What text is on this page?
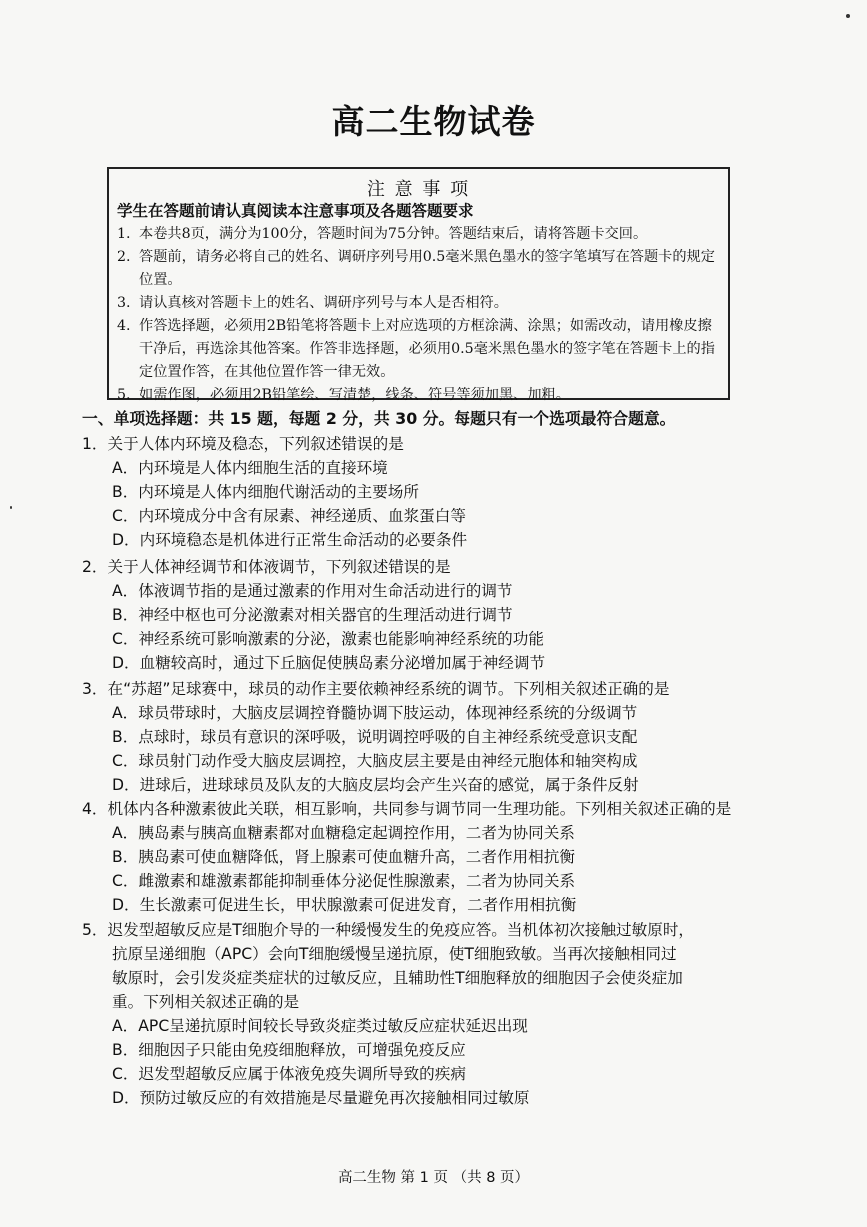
高二生物试卷
注 意 事 项
学生在答题前请认真阅读本注意事项及各题答题要求
1. 本卷共8页，满分为100分，答题时间为75分钟。答题结束后，请将答题卡交回。
2. 答题前，请务必将自己的姓名、调研序列号用0.5毫米黑色墨水的签字笔填写在答题卡的规定位置。
3. 请认真核对答题卡上的姓名、调研序列号与本人是否相符。
4. 作答选择题，必须用2B铅笔将答题卡上对应选项的方框涂满、涂黑；如需改动，请用橡皮擦干净后，再选涂其他答案。作答非选择题，必须用0.5毫米黑色墨水的签字笔在答题卡上的指定位置作答，在其他位置作答一律无效。
5. 如需作图，必须用2B铅笔绘、写清楚，线条、符号等须加黑、加粗。
一、单项选择题：共 15 题，每题 2 分，共 30 分。每题只有一个选项最符合题意。
1．关于人体内环境及稳态，下列叙述错误的是
A．内环境是人体内细胞生活的直接环境
B．内环境是人体内细胞代谢活动的主要场所
C．内环境成分中含有尿素、神经递质、血浆蛋白等
D．内环境稳态是机体进行正常生命活动的必要条件
2．关于人体神经调节和体液调节，下列叙述错误的是
A．体液调节指的是通过激素的作用对生命活动进行的调节
B．神经中枢也可分泌激素对相关器官的生理活动进行调节
C．神经系统可影响激素的分泌，激素也能影响神经系统的功能
D．血糖较高时，通过下丘脑促使胰岛素分泌增加属于神经调节
3．在“苏超”足球赛中，球员的动作主要依赖神经系统的调节。下列相关叙述正确的是
A．球员带球时，大脑皮层调控脊髓协调下肢运动，体现神经系统的分级调节
B．点球时，球员有意识的深呼吸，说明调控呼吸的自主神经系统受意识支配
C．球员射门动作受大脑皮层调控，大脑皮层主要是由神经元胞体和轴突构成
D．进球后，进球球员及队友的大脑皮层均会产生兴奋的感觉，属于条件反射
4．机体内各种激素彼此关联，相互影响，共同参与调节同一生理功能。下列相关叙述正确的是
A．胰岛素与胰高血糖素都对血糖稳定起调控作用，二者为协同关系
B．胰岛素可使血糖降低，肾上腺素可使血糖升高，二者作用相抗衡
C．雌激素和雄激素都能抑制垂体分泌促性腺激素，二者为协同关系
D．生长激素可促进生长，甲状腺激素可促进发育，二者作用相抗衡
5．迟发型超敏反应是T细胞介导的一种缓慢发生的免疫应答。当机体初次接触过敏原时，
抗原呈递细胞（APC）会向T细胞缓慢呈递抗原，使T细胞致敏。当再次接触相同过
敏原时，会引发炎症类症状的过敏反应，且辅助性T细胞释放的细胞因子会使炎症加
重。下列相关叙述正确的是
A．APC呈递抗原时间较长导致炎症类过敏反应症状延迟出现
B．细胞因子只能由免疫细胞释放，可增强免疫反应
C．迟发型超敏反应属于体液免疫失调所导致的疾病
D．预防过敏反应的有效措施是尽量避免再次接触相同过敏原
高二生物 第 1 页 （共 8 页）
